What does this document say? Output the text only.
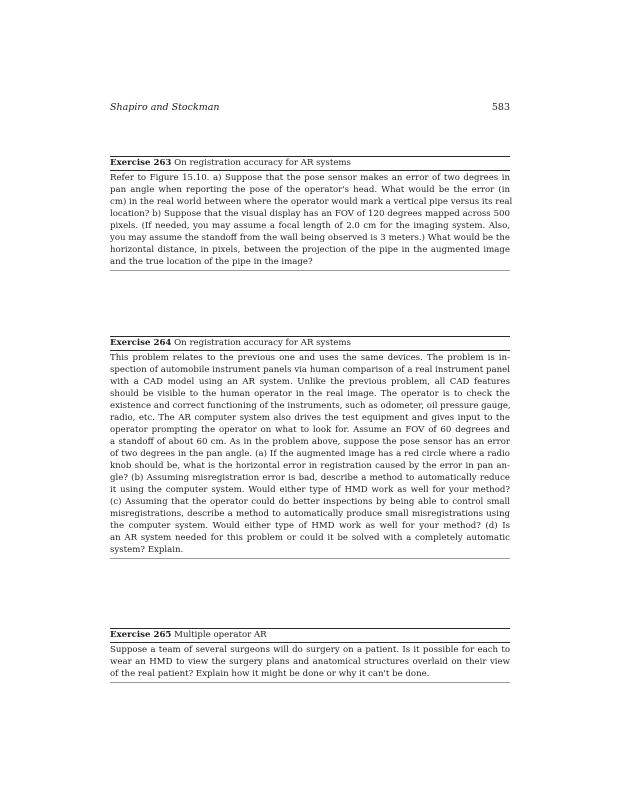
Shapiro and Stockman	583
Exercise 263 On registration accuracy for AR systems
Refer to Figure 15.10. a) Suppose that the pose sensor makes an error of two degrees in
pan angle when reporting the pose of the operator's head. What would be the error (in
cm) in the real world between where the operator would mark a vertical pipe versus its real
location? b) Suppose that the visual display has an FOV of 120 degrees mapped across 500
pixels. (If needed, you may assume a focal length of 2.0 cm for the imaging system. Also,
you may assume the standoff from the wall being observed is 3 meters.) What would be the
horizontal distance, in pixels, between the projection of the pipe in the augmented image
and the true location of the pipe in the image?
Exercise 264 On registration accuracy for AR systems
This problem relates to the previous one and uses the same devices. The problem is in-
spection of automobile instrument panels via human comparison of a real instrument panel
with a CAD model using an AR system. Unlike the previous problem, all CAD features
should be visible to the human operator in the real image. The operator is to check the
existence and correct functioning of the instruments, such as odometer, oil pressure gauge,
radio, etc. The AR computer system also drives the test equipment and gives input to the
operator prompting the operator on what to look for. Assume an FOV of 60 degrees and
a standoff of about 60 cm. As in the problem above, suppose the pose sensor has an error
of two degrees in the pan angle. (a) If the augmented image has a red circle where a radio
knob should be, what is the horizontal error in registration caused by the error in pan an-
gle? (b) Assuming misregistration error is bad, describe a method to automatically reduce
it using the computer system. Would either type of HMD work as well for your method?
(c) Assuming that the operator could do better inspections by being able to control small
misregistrations, describe a method to automatically produce small misregistrations using
the computer system. Would either type of HMD work as well for your method? (d) Is
an AR system needed for this problem or could it be solved with a completely automatic
system? Explain.
Exercise 265 Multiple operator AR
Suppose a team of several surgeons will do surgery on a patient. Is it possible for each to
wear an HMD to view the surgery plans and anatomical structures overlaid on their view
of the real patient? Explain how it might be done or why it can't be done.
